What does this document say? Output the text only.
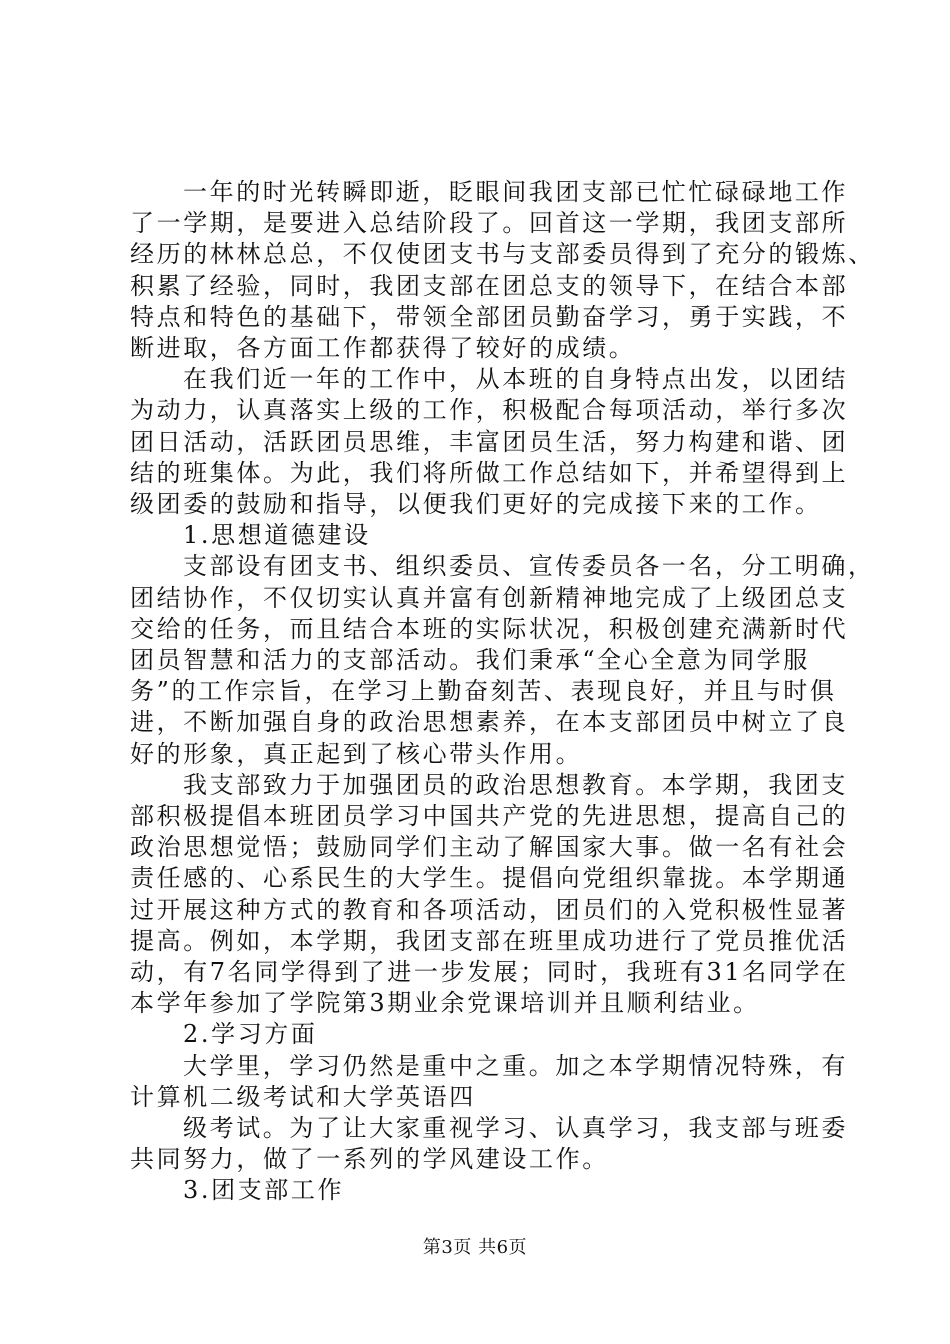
一年的时光转瞬即逝，眨眼间我团支部已忙忙碌碌地工作

了一学期，是要进入总结阶段了。回首这一学期，我团支部所

经历的林林总总，不仅使团支书与支部委员得到了充分的锻炼、

积累了经验，同时，我团支部在团总支的领导下，在结合本部

特点和特色的基础下，带领全部团员勤奋学习，勇于实践，不

断进取，各方面工作都获得了较好的成绩。

在我们近一年的工作中，从本班的自身特点出发，以团结

为动力，认真落实上级的工作，积极配合每项活动，举行多次

团日活动，活跃团员思维，丰富团员生活，努力构建和谐、团

结的班集体。为此，我们将所做工作总结如下，并希望得到上

级团委的鼓励和指导，以便我们更好的完成接下来的工作。

1.思想道德建设

支部设有团支书、组织委员、宣传委员各一名，分工明确，

团结协作，不仅切实认真并富有创新精神地完成了上级团总支

交给的任务，而且结合本班的实际状况，积极创建充满新时代

团员智慧和活力的支部活动。我们秉承“全心全意为同学服

务”的工作宗旨，在学习上勤奋刻苦、表现良好，并且与时俱

进，不断加强自身的政治思想素养，在本支部团员中树立了良

好的形象，真正起到了核心带头作用。

我支部致力于加强团员的政治思想教育。本学期，我团支

部积极提倡本班团员学习中国共产党的先进思想，提高自己的

政治思想觉悟；鼓励同学们主动了解国家大事。做一名有社会

责任感的、心系民生的大学生。提倡向党组织靠拢。本学期通

过开展这种方式的教育和各项活动，团员们的入党积极性显著

提高。例如，本学期，我团支部在班里成功进行了党员推优活

动，有7名同学得到了进一步发展；同时，我班有31名同学在

本学年参加了学院第3期业余党课培训并且顺利结业。

2.学习方面

大学里，学习仍然是重中之重。加之本学期情况特殊，有

计算机二级考试和大学英语四

级考试。为了让大家重视学习、认真学习，我支部与班委

共同努力，做了一系列的学风建设工作。

3.团支部工作

第3页 共6页
